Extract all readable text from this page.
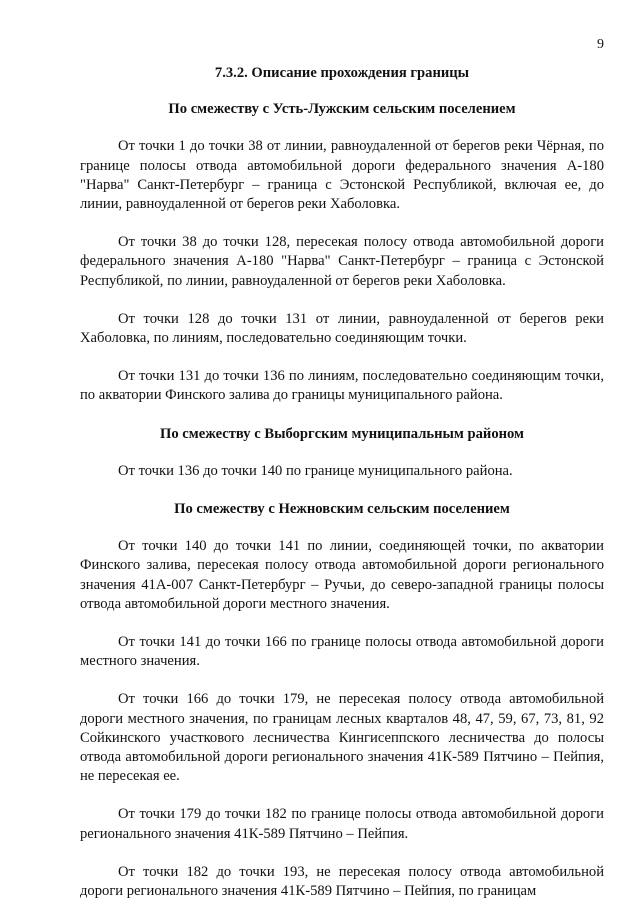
9

7.3.2. Описание прохождения границы

По смежеству с Усть-Лужским сельским поселением

От точки 1 до точки 38 от линии, равноудаленной от берегов реки Чёрная, по границе полосы отвода автомобильной дороги федерального значения А-180 "Нарва" Санкт-Петербург – граница с Эстонской Республикой, включая ее, до линии, равноудаленной от берегов реки Хаболовка.

От точки 38 до точки 128, пересекая полосу отвода автомобильной дороги федерального значения А-180 "Нарва" Санкт-Петербург – граница с Эстонской Республикой, по линии, равноудаленной от берегов реки Хаболовка.

От точки 128 до точки 131 от линии, равноудаленной от берегов реки Хаболовка, по линиям, последовательно соединяющим точки.

От точки 131 до точки 136 по линиям, последовательно соединяющим точки, по акватории Финского залива до границы муниципального района.

По смежеству с Выборгским муниципальным районом

От точки 136 до точки 140 по границе муниципального района.

По смежеству с Нежновским сельским поселением

От точки 140 до точки 141 по линии, соединяющей точки, по акватории Финского залива, пересекая полосу отвода автомобильной дороги регионального значения 41А-007 Санкт-Петербург – Ручьи, до северо-западной границы полосы отвода автомобильной дороги местного значения.

От точки 141 до точки 166 по границе полосы отвода автомобильной дороги местного значения.

От точки 166 до точки 179, не пересекая полосу отвода автомобильной дороги местного значения, по границам лесных кварталов 48, 47, 59, 67, 73, 81, 92 Сойкинского участкового лесничества Кингисеппского лесничества до полосы отвода автомобильной дороги регионального значения 41К-589 Пятчино – Пейпия, не пересекая ее.

От точки 179 до точки 182 по границе полосы отвода автомобильной дороги регионального значения 41К-589 Пятчино – Пейпия.

От точки 182 до точки 193, не пересекая полосу отвода автомобильной дороги регионального значения 41К-589 Пятчино – Пейпия, по границам
